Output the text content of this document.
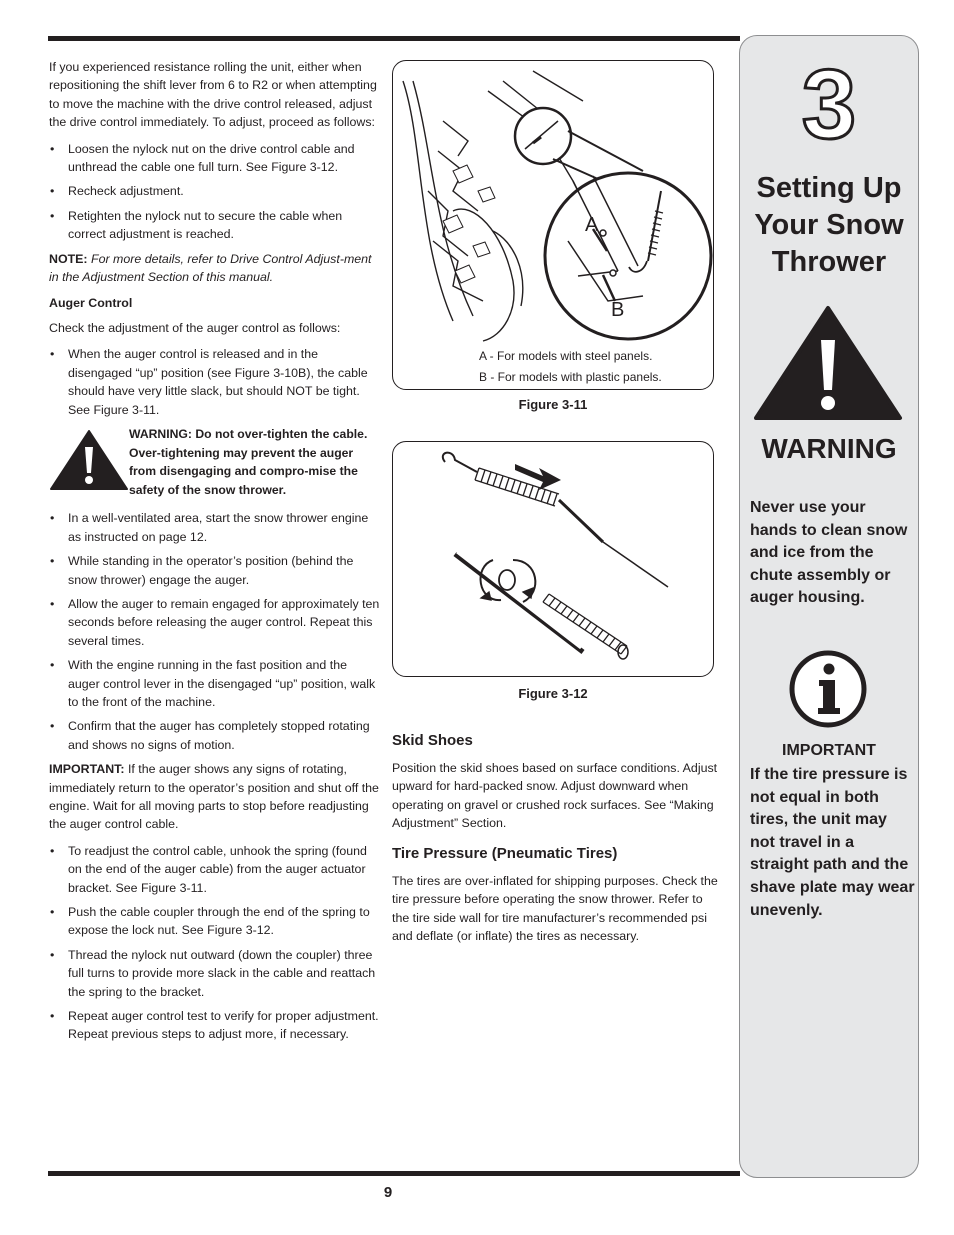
If you experienced resistance rolling the unit, either when repositioning the shift lever from 6 to R2 or when attempting to move the machine with the drive control released, adjust the drive control immediately. To adjust, proceed as follows:

• Loosen the nylock nut on the drive control cable and unthread the cable one full turn. See Figure 3-12.
• Recheck adjustment.
• Retighten the nylock nut to secure the cable when correct adjustment is reached.

NOTE: For more details, refer to Drive Control Adjust-ment in the Adjustment Section of this manual.

Auger Control

Check the adjustment of the auger control as follows:

• When the auger control is released and in the disengaged “up” position (see Figure 3-10B), the cable should have very little slack, but should NOT be tight. See Figure 3-11.
WARNING: Do not over-tighten the cable. Over-tightening may prevent the auger from disengaging and compro-mise the safety of the snow thrower.
• In a well-ventilated area, start the snow thrower engine as instructed on page 12.
• While standing in the operator’s position (behind the snow thrower) engage the auger.
• Allow the auger to remain engaged for approximately ten seconds before releasing the auger control. Repeat this several times.
• With the engine running in the fast position and the auger control lever in the disengaged “up” position, walk to the front of the machine.
• Confirm that the auger has completely stopped rotating and shows no signs of motion.

IMPORTANT: If the auger shows any signs of rotating, immediately return to the operator’s position and shut off the engine. Wait for all moving parts to stop before readjusting the auger control cable.

• To readjust the control cable, unhook the spring (found on the end of the auger cable) from the auger actuator bracket. See Figure 3-11.
• Push the cable coupler through the end of the spring to expose the lock nut. See Figure 3-12.
• Thread the nylock nut outward (down the coupler) three full turns to provide more slack in the cable and reattach the spring to the bracket.
• Repeat auger control test to verify for proper adjustment. Repeat previous steps to adjust more, if necessary.
A
B
A - For models with steel panels.
B - For models with plastic panels.
Figure 3-11
Figure 3-12
Skid Shoes

Position the skid shoes based on surface conditions. Adjust upward for hard-packed snow. Adjust downward when operating on gravel or crushed rock surfaces. See “Making Adjustment” Section.

Tire Pressure (Pneumatic Tires)

The tires are over-inflated for shipping purposes. Check the tire pressure before operating the snow thrower. Refer to the tire side wall for tire manufacturer’s recommended psi and deflate (or inflate) the tires as necessary.

3
Setting Up
Your Snow
Thrower
WARNING
Never use your hands to clean snow and ice from the chute assembly or auger housing.
IMPORTANT
If the tire pressure is not equal in both tires, the unit may not travel in a straight path and the shave plate may wear unevenly.
9
